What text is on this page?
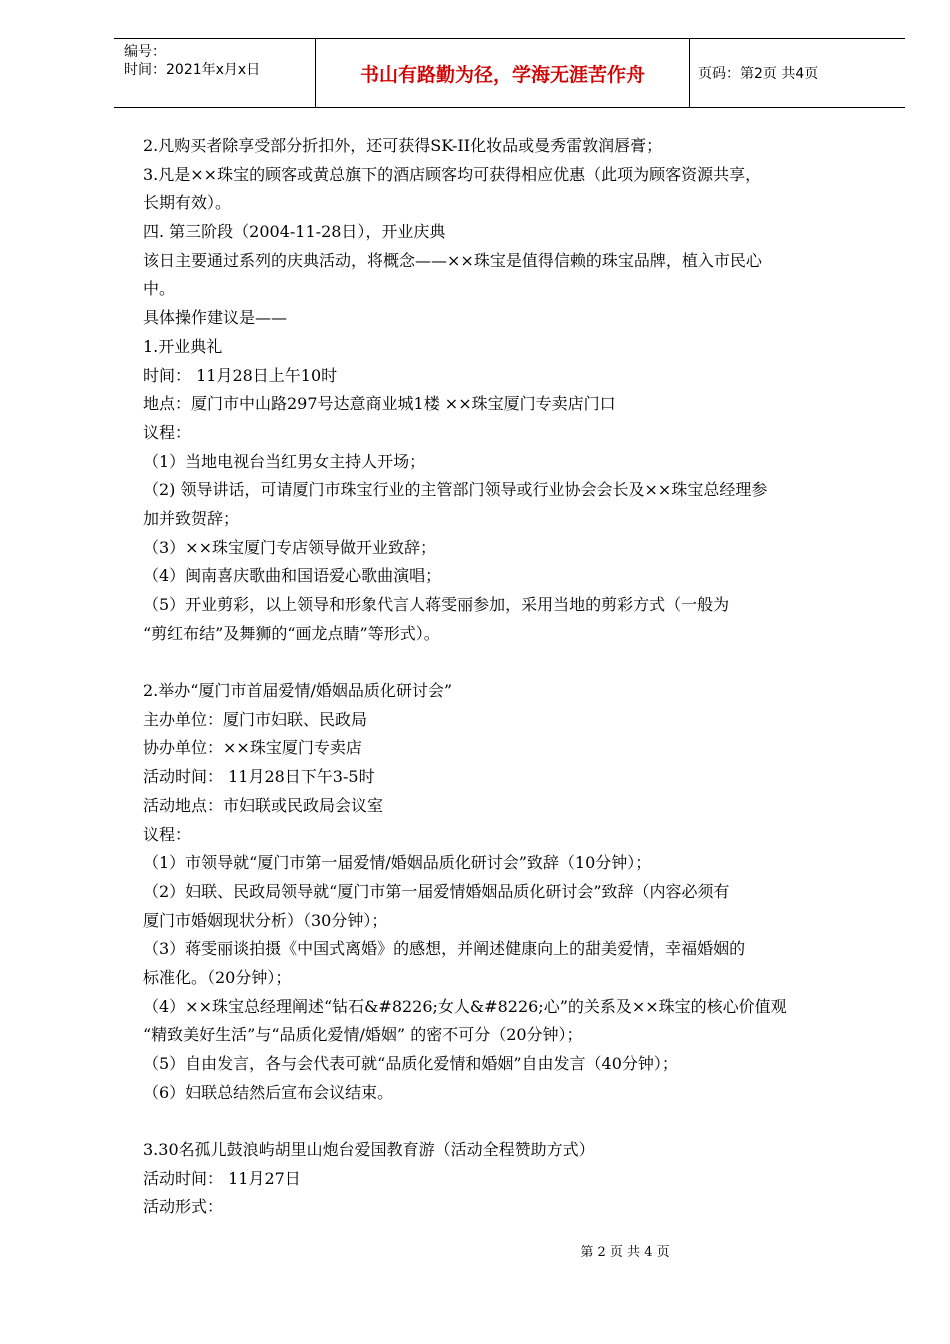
编号：
时间：2021年x月x日	书山有路勤为径，学海无涯苦作舟	页码：第2页 共4页
2.凡购买者除享受部分折扣外，还可获得SK-II化妆品或曼秀雷敦润唇膏；
3.凡是××珠宝的顾客或黄总旗下的酒店顾客均可获得相应优惠（此项为顾客资源共享，
长期有效）。
四. 第三阶段（2004-11-28日），开业庆典
该日主要通过系列的庆典活动，将概念——××珠宝是值得信赖的珠宝品牌，植入市民心
中。
具体操作建议是——
1.开业典礼
时间： 11月28日上午10时
地点：厦门市中山路297号达意商业城1楼 ××珠宝厦门专卖店门口
议程：
（1）当地电视台当红男女主持人开场；
（2) 领导讲话，可请厦门市珠宝行业的主管部门领导或行业协会会长及××珠宝总经理参
加并致贺辞；
（3）××珠宝厦门专店领导做开业致辞；
（4）闽南喜庆歌曲和国语爱心歌曲演唱；
（5）开业剪彩，以上领导和形象代言人蒋雯丽参加，采用当地的剪彩方式（一般为
“剪红布结”及舞狮的“画龙点睛”等形式）。
2.举办“厦门市首届爱情/婚姻品质化研讨会”
主办单位：厦门市妇联、民政局
协办单位：××珠宝厦门专卖店
活动时间： 11月28日下午3-5时
活动地点：市妇联或民政局会议室
议程：
（1）市领导就“厦门市第一届爱情/婚姻品质化研讨会”致辞（10分钟）；
（2）妇联、民政局领导就“厦门市第一届爱情婚姻品质化研讨会”致辞（内容必须有
厦门市婚姻现状分析）（30分钟）；
（3）蒋雯丽谈拍摄《中国式离婚》的感想，并阐述健康向上的甜美爱情，幸福婚姻的
标准化。（20分钟）；
（4）××珠宝总经理阐述“钻石&#8226;女人&#8226;心”的关系及××珠宝的核心价值观
“精致美好生活”与“品质化爱情/婚姻” 的密不可分（20分钟）；
（5）自由发言，各与会代表可就“品质化爱情和婚姻”自由发言（40分钟）；
（6）妇联总结然后宣布会议结束。
3.30名孤儿鼓浪屿胡里山炮台爱国教育游（活动全程赞助方式）
活动时间： 11月27日
活动形式：
第 2 页 共 4 页
